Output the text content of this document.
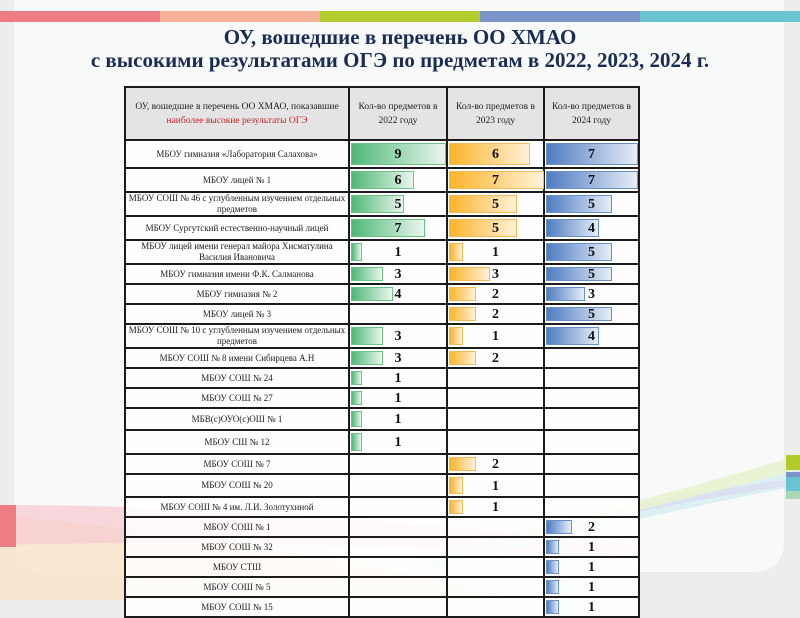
ОУ, вошедшие в перечень ОО ХМАО
с высокими результатами ОГЭ по предметам в 2022, 2023, 2024 г.
ОУ, вошедшие в перечень ОО ХМАО, показавшие
наиболее высокие результаты ОГЭ	Кол-во предметов в 2022 году	Кол-во предметов в 2023 году	Кол-во предметов в 2024 году
МБОУ гимназия «Лаборатория Салахова»	9	6	7
МБОУ лицей № 1	6	7	7
МБОУ СОШ № 46 с углубленным изучением отдельных предметов	5	5	5
МБОУ Сургутский естественно-научный лицей	7	5	4
МБОУ лицей имени генерал майора Хисматулина Василия Ивановича	1	1	5
МБОУ гимназия имени Ф.К. Салманова	3	3	5
МБОУ гимназия № 2	4	2	3
МБОУ лицей № 3		2	5
МБОУ СОШ № 10 с углубленным изучением отдельных предметов	3	1	4
МБОУ СОШ № 8 имени Сибирцева А.Н	3	2	
МБОУ СОШ № 24	1		
МБОУ СОШ № 27	1		
МБВ(с)ОУО(с)ОШ № 1	1		
МБОУ СШ № 12	1		
МБОУ СОШ № 7		2	
МБОУ СОШ № 20		1	
МБОУ СОШ № 4 им. Л.И. Золотухиной		1	
МБОУ СОШ № 1			2
МБОУ СОШ № 32			1
МБОУ СТШ			1
МБОУ СОШ № 5			1
МБОУ СОШ № 15			1
